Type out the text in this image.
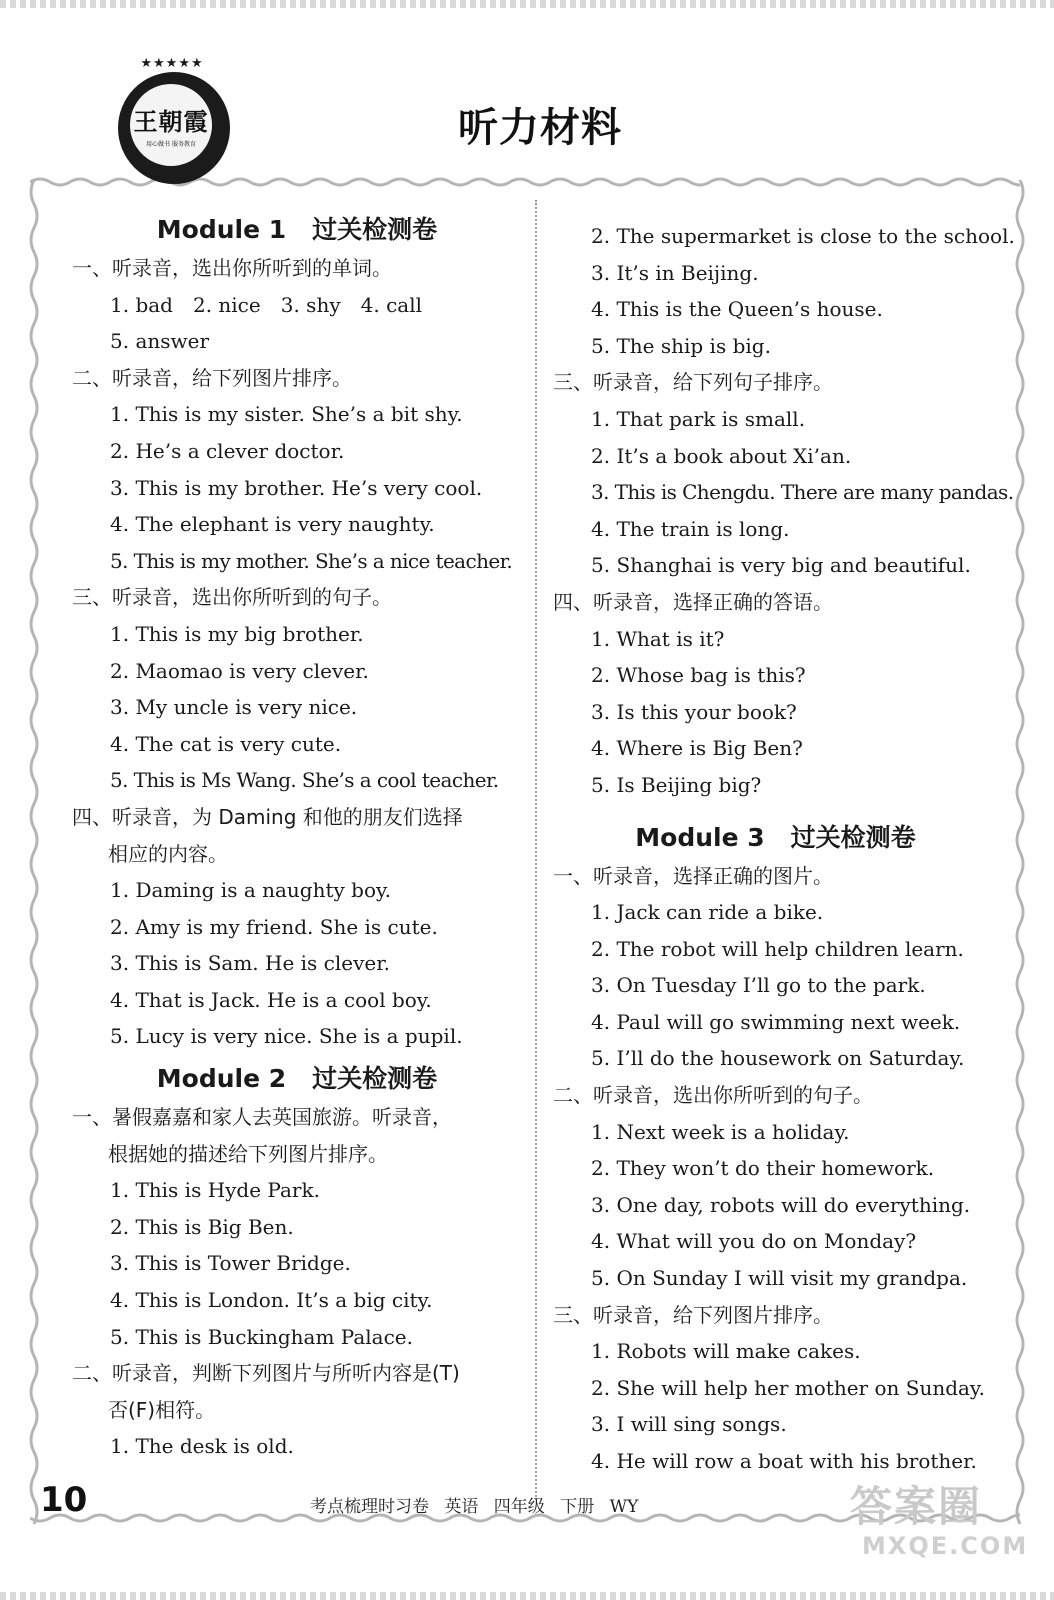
★★★★★
王朝霞
用心做书 服务教育	听力材料

Module 1 过关检测卷

一、听录音，选出你所听到的单词。

1. bad 2. nice 3. shy 4. call

5. answer

二、听录音，给下列图片排序。

1. This is my sister. She’s a bit shy.

2. He’s a clever doctor.

3. This is my brother. He’s very cool.

4. The elephant is very naughty.

5. This is my mother. She’s a nice teacher.

三、听录音，选出你所听到的句子。

1. This is my big brother.

2. Maomao is very clever.

3. My uncle is very nice.

4. The cat is very cute.

5. This is Ms Wang. She’s a cool teacher.

四、听录音，为 Daming 和他的朋友们选择
相应的内容。

1. Daming is a naughty boy.

2. Amy is my friend. She is cute.

3. This is Sam. He is clever.

4. That is Jack. He is a cool boy.

5. Lucy is very nice. She is a pupil.

Module 2 过关检测卷

一、暑假嘉嘉和家人去英国旅游。听录音，
根据她的描述给下列图片排序。

1. This is Hyde Park.

2. This is Big Ben.

3. This is Tower Bridge.

4. This is London. It’s a big city.

5. This is Buckingham Palace.

二、听录音，判断下列图片与所听内容是(T)
否(F)相符。

1. The desk is old.

2. The supermarket is close to the school.

3. It’s in Beijing.

4. This is the Queen’s house.

5. The ship is big.

三、听录音，给下列句子排序。

1. That park is small.

2. It’s a book about Xi’an.

3. This is Chengdu. There are many pandas.

4. The train is long.

5. Shanghai is very big and beautiful.

四、听录音，选择正确的答语。

1. What is it?

2. Whose bag is this?

3. Is this your book?

4. Where is Big Ben?

5. Is Beijing big?

Module 3 过关检测卷

一、听录音，选择正确的图片。

1. Jack can ride a bike.

2. The robot will help children learn.

3. On Tuesday I’ll go to the park.

4. Paul will go swimming next week.

5. I’ll do the housework on Saturday.

二、听录音，选出你所听到的句子。

1. Next week is a holiday.

2. They won’t do their homework.

3. One day, robots will do everything.

4. What will you do on Monday?

5. On Sunday I will visit my grandpa.

三、听录音，给下列图片排序。

1. Robots will make cakes.

2. She will help her mother on Sunday.

3. I will sing songs.

4. He will row a boat with his brother.

10	考点梳理时习卷 英语 四年级 下册 WY	答案圈
MXQE.COM
